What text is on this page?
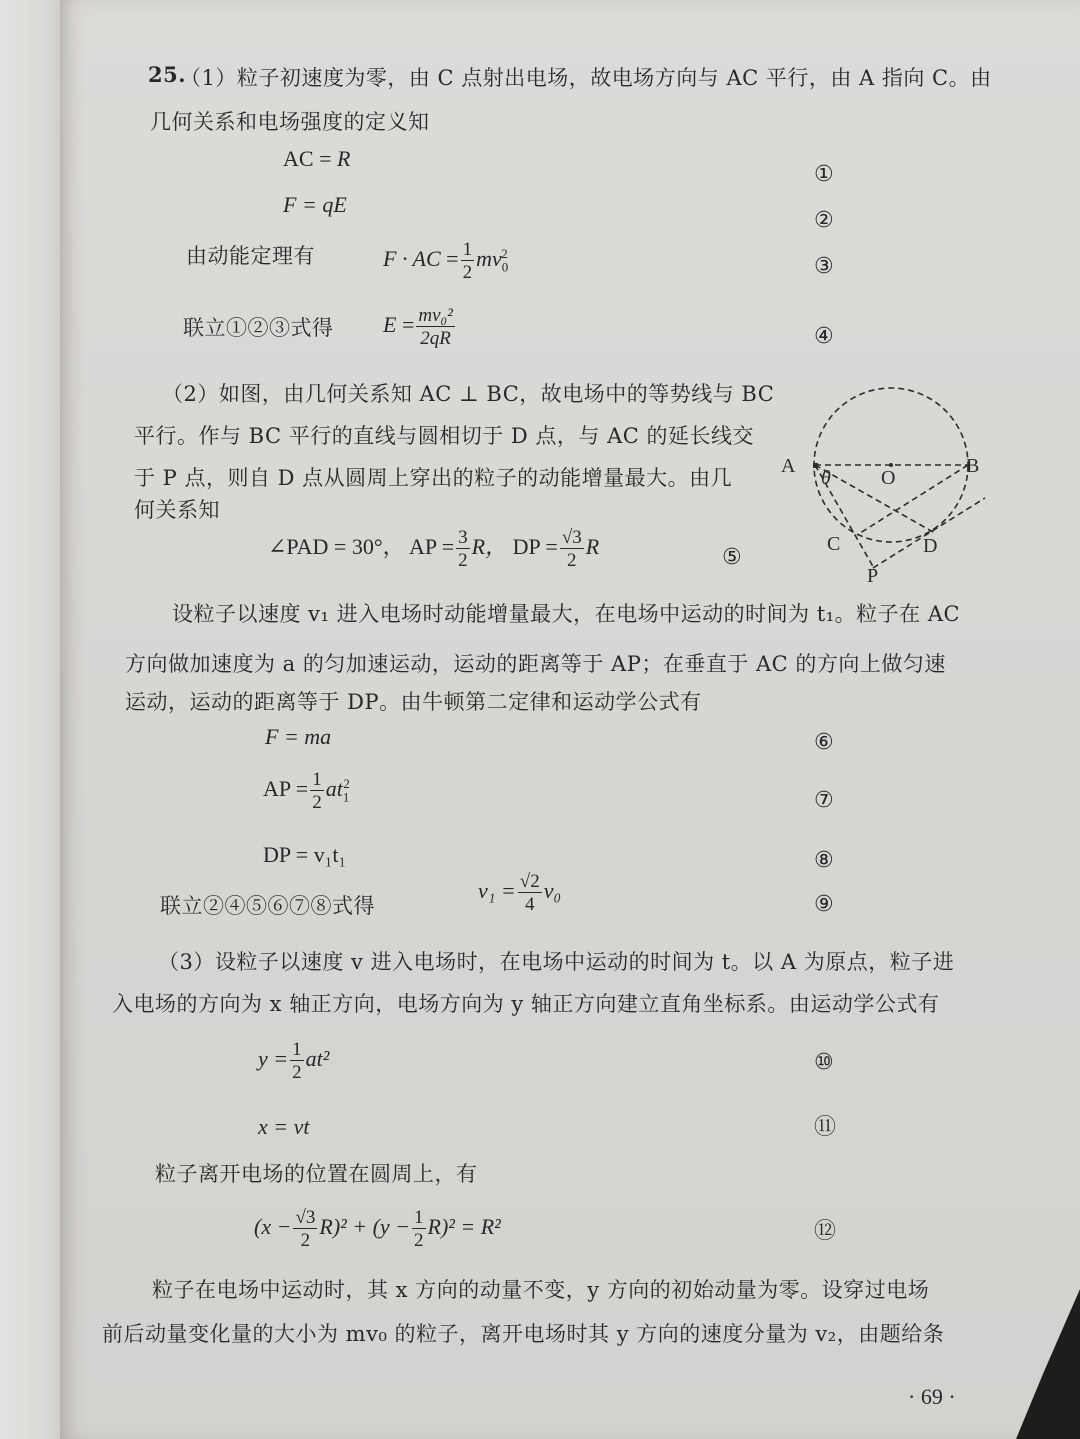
25.
（1）粒子初速度为零，由 C 点射出电场，故电场方向与 AC 平行，由 A 指向 C。由
几何关系和电场强度的定义知
AC = R
①
F = qE
②
由动能定理有	F · AC = $\frac{1}{2} mv_0^2$
③
联立①②③式得 $E = \frac{\text{mv₀²}}{2qR}$	④
（2）如图，由几何关系知 AC ⊥ BC，故电场中的等势线与 BC
平行。作与 BC 平行的直线与圆相切于 D 点，与 AC 的延长线交
于 P 点，则自 D 点从圆周上穿出的粒子的动能增量最大。由几
何关系知
∠PAD = 30°， AP = $\frac{3}{2}$ R， DP = $\frac{√3}{2}$ R	⑤
A	B
O
C	D
P
θ
设粒子以速度 v₁ 进入电场时动能增量最大，在电场中运动的时间为 t₁。粒子在 AC
方向做加速度为 a 的匀加速运动，运动的距离等于 AP；在垂直于 AC 的方向上做匀速
运动，运动的距离等于 DP。由牛顿第二定律和运动学公式有
F = ma	⑥
AP = $\frac{1}{2} at_1^2$
⑦
DP = v₁t₁	⑧
联立②④⑤⑥⑦⑧式得
$v_1 = \frac{√2}{4} v_0$
⑨
（3）设粒子以速度 v 进入电场时，在电场中运动的时间为 t。以 A 为原点，粒子进
入电场的方向为 x 轴正方向，电场方向为 y 轴正方向建立直角坐标系。由运动学公式有
$y = \frac{1}{2} at^2$	⑩
x = vt	⑪
粒子离开电场的位置在圆周上，有
$(x - \frac{√3}{2} R)^2 + (y - \frac{1}{2} R)^2 = R^2$	⑫
粒子在电场中运动时，其 x 方向的动量不变，y 方向的初始动量为零。设穿过电场
前后动量变化量的大小为 mv₀ 的粒子，离开电场时其 y 方向的速度分量为 v₂，由题给条
· 69 ·
